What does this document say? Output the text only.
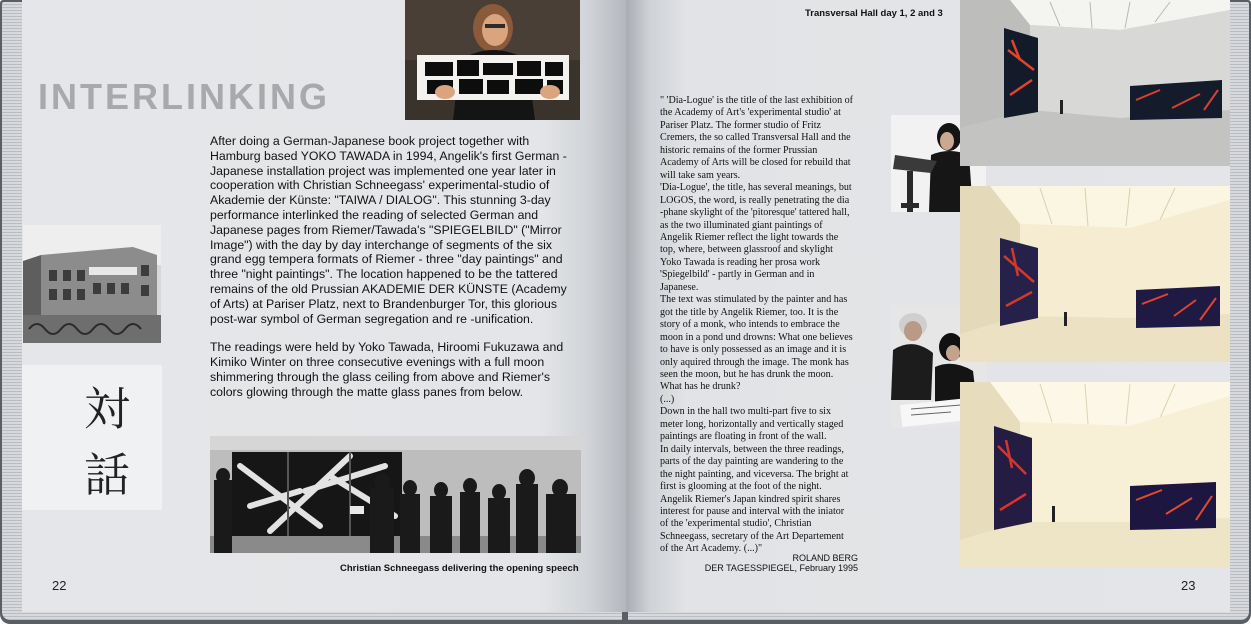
INTERLINKING

After doing a German-Japanese book project together with Hamburg based YOKO TAWADA in 1994, Angelik's first German -Japanese installation project was implemented one year later in cooperation with Christian Schneegass' experimental-studio of Akademie der Künste: "TAIWA / DIALOG". This stunning 3-day performance interlinked the reading of selected German and Japanese pages from Riemer/Tawada's "SPIEGELBILD" ("Mirror Image") with the day by day interchange of segments of the six grand egg tempera formats of Riemer - three "day paintings" and three "night paintings". The location happened to be the tattered remains of the old Prussian AKADEMIE DER KÜNSTE (Academy of Arts) at Pariser Platz, next to Brandenburger Tor, this glorious post-war symbol of German segregation and re -unification.

The readings were held by Yoko Tawada, Hiroomi Fukuzawa and Kimiko Winter on three consecutive evenings with a full moon shimmering through the glass ceiling from above and Riemer's colors glowing through the matte glass panes from below.

対
話
Christian Schneegass delivering the opening speech
22
Transversal Hall day 1, 2 and 3
" 'Dia-Logue' is the title of the last exhibition of
the Academy of Art's 'experimental studio' at
Pariser Platz. The former studio of Fritz
Cremers, the so called Transversal Hall and the
historic remains of the former Prussian
Academy of Arts will be closed for rebuild that
will take sam years.
'Dia-Logue', the title, has several meanings, but
LOGOS, the word, is really penetrating the dia
-phane skylight of the 'pitoresque' tattered hall,
as the two illuminated giant paintings of
Angelik Riemer reflect the light towards the
top, where, between glassroof and skylight
Yoko Tawada is reading her prosa work
'Spiegelbild' - partly in German and in
Japanese.
The text was stimulated by the painter and has
got the title by Angelik Riemer, too. It is the
story of a monk, who intends to embrace the
moon in a pond und drowns: What one believes
to have is only possessed as an image and it is
only aquired through the image. The monk has
seen the moon, but he has drunk the moon.
What has he drunk?
(...)
Down in the hall two multi-part five to six
meter long, horizontally and vertically staged
paintings are floating in front of the wall.
In daily intervals, between the three readings,
parts of the day painting are wandering to the
the night painting, and viceversa. The bright at
first is glooming at the foot of the night.
Angelik Riemer's Japan kindred spirit shares
interest for pause and interval with the iniator
of the 'experimental studio', Christian
Schneegass, secretary of the Art Departement
of the Art Academy. (...)"
ROLAND BERG
DER TAGESSPIEGEL, February 1995
23
